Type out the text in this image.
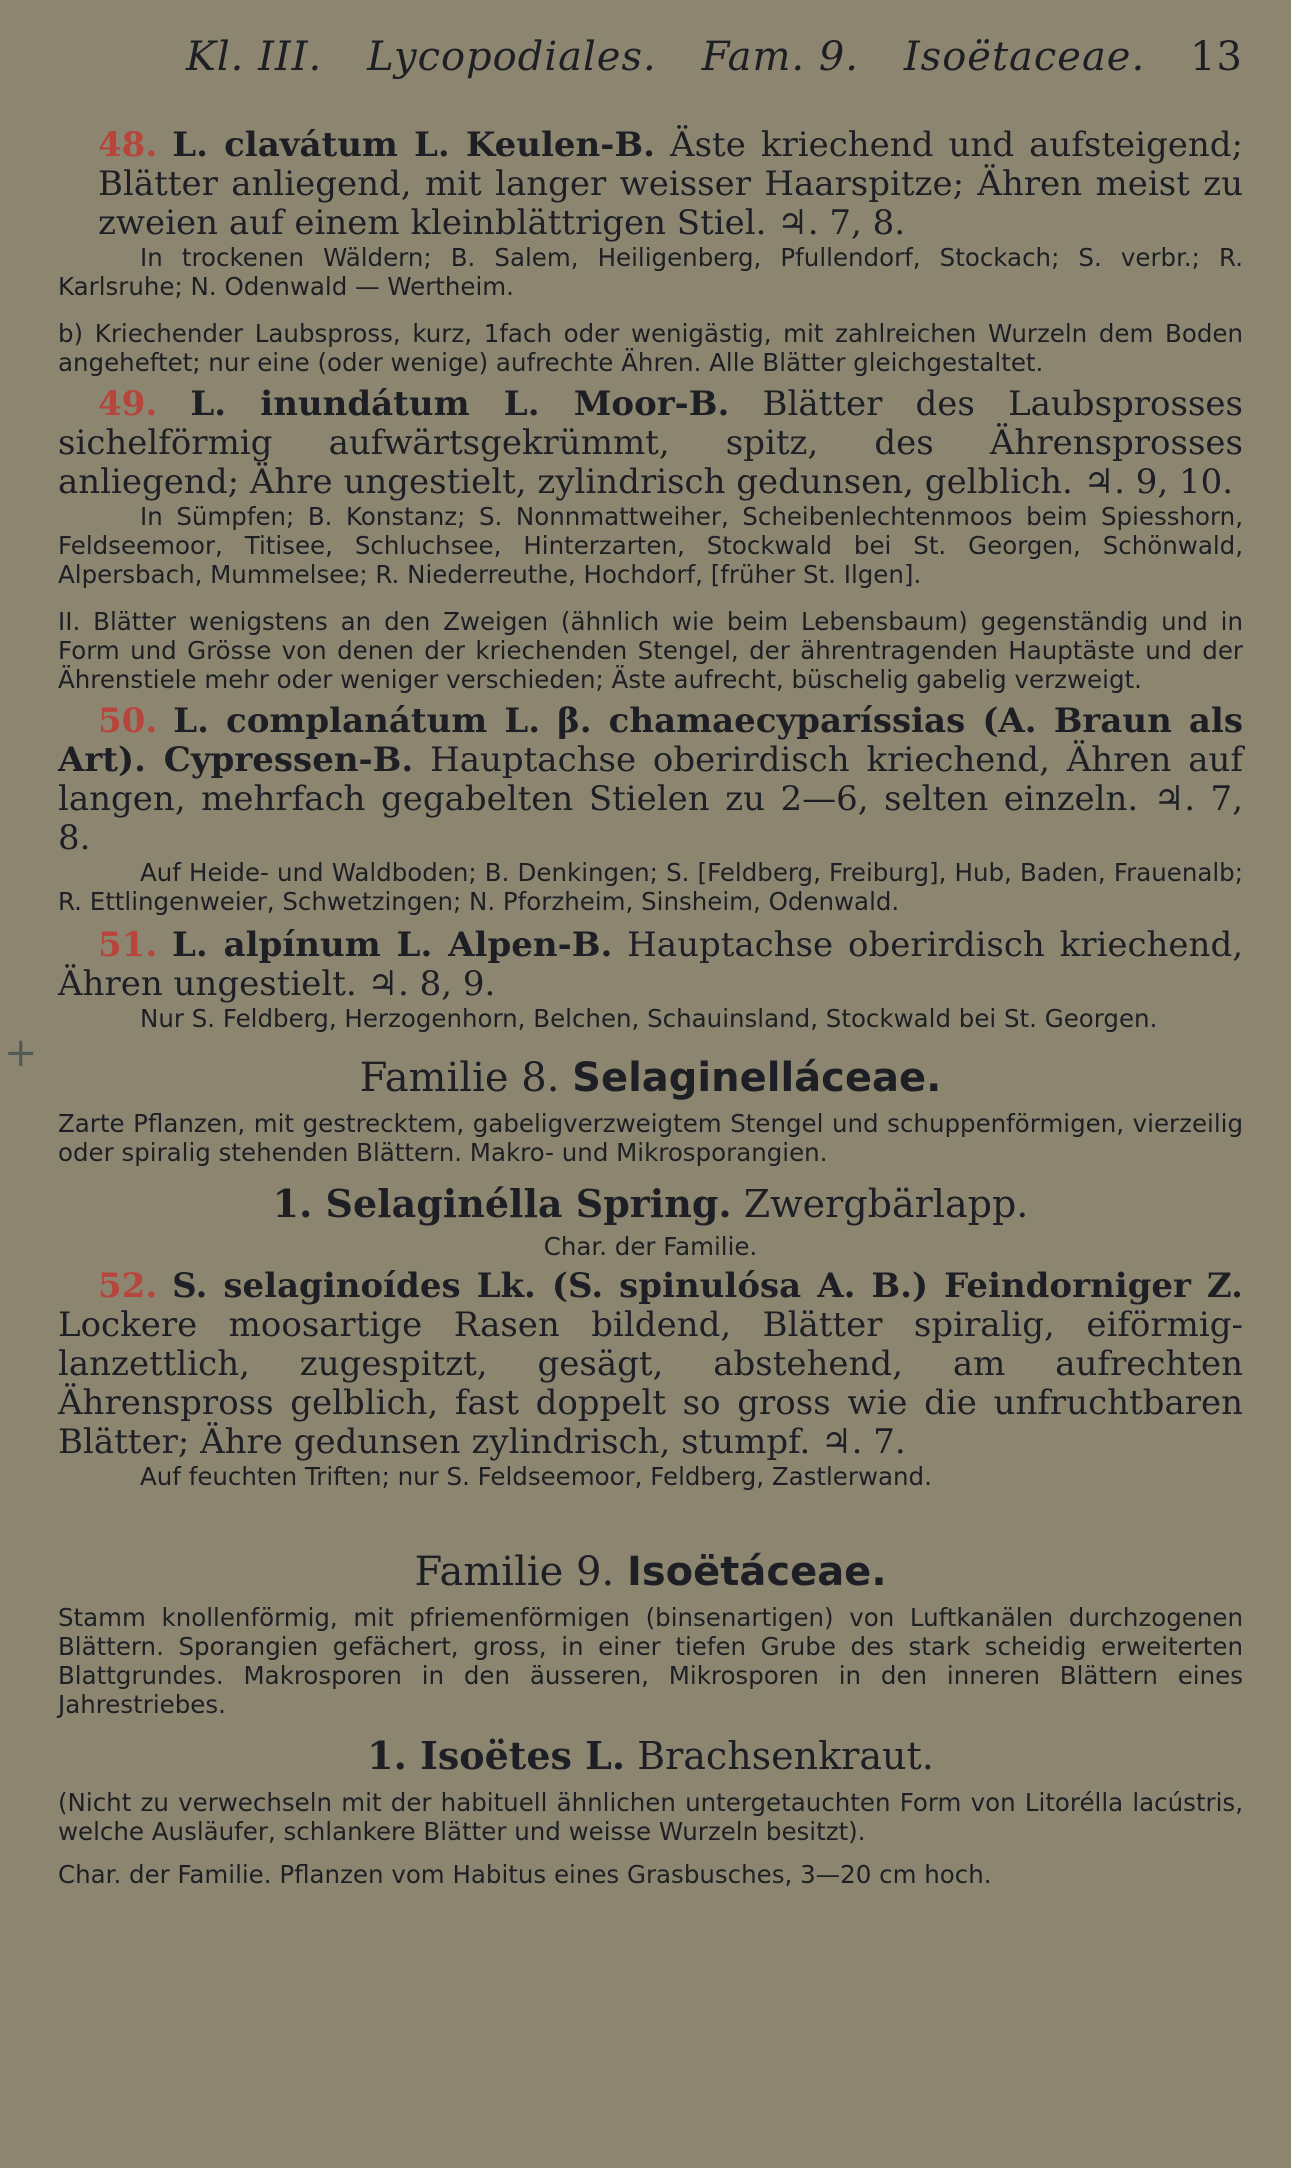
+
Kl. III. Lycopodiales. Fam. 9. Isoëtaceae. 13

48. L. clavátum L. Keulen-B. Äste kriechend und aufsteigend; Blätter anliegend, mit langer weisser Haarspitze; Ähren meist zu zweien auf einem kleinblättrigen Stiel. ♃. 7, 8.

In trockenen Wäldern; B. Salem, Heiligenberg, Pfullendorf, Stockach; S. verbr.; R. Karlsruhe; N. Odenwald — Wertheim.

b) Kriechender Laubspross, kurz, 1fach oder wenigästig, mit zahlreichen Wurzeln dem Boden angeheftet; nur eine (oder wenige) aufrechte Ähren. Alle Blätter gleichgestaltet.

49. L. inundátum L. Moor-B. Blätter des Laubsprosses sichelförmig aufwärtsgekrümmt, spitz, des Ährensprosses anliegend; Ähre ungestielt, zylindrisch gedunsen, gelblich. ♃. 9, 10.

In Sümpfen; B. Konstanz; S. Nonnmattweiher, Scheibenlechtenmoos beim Spiesshorn, Feldseemoor, Titisee, Schluchsee, Hinterzarten, Stockwald bei St. Georgen, Schönwald, Alpersbach, Mummelsee; R. Niederreuthe, Hochdorf, [früher St. Ilgen].

II. Blätter wenigstens an den Zweigen (ähnlich wie beim Lebensbaum) gegenständig und in Form und Grösse von denen der kriechenden Stengel, der ährentragenden Hauptäste und der Ährenstiele mehr oder weniger verschieden; Äste aufrecht, büschelig gabelig verzweigt.

50. L. complanátum L. β. chamaecyparíssias (A. Braun als Art). Cypressen-B. Hauptachse oberirdisch kriechend, Ähren auf langen, mehrfach gegabelten Stielen zu 2—6, selten einzeln. ♃. 7, 8.

Auf Heide- und Waldboden; B. Denkingen; S. [Feldberg, Freiburg], Hub, Baden, Frauenalb; R. Ettlingenweier, Schwetzingen; N. Pforzheim, Sinsheim, Odenwald.

51. L. alpínum L. Alpen-B. Hauptachse oberirdisch kriechend, Ähren ungestielt. ♃. 8, 9.

Nur S. Feldberg, Herzogenhorn, Belchen, Schauinsland, Stockwald bei St. Georgen.

Familie 8. Selaginelláceae.

Zarte Pflanzen, mit gestrecktem, gabeligverzweigtem Stengel und schuppenförmigen, vierzeilig oder spiralig stehenden Blättern. Makro- und Mikrosporangien.

1. Selaginélla Spring. Zwergbärlapp.

Char. der Familie.

52. S. selaginoídes Lk. (S. spinulósa A. B.) Feindorniger Z. Lockere moosartige Rasen bildend, Blätter spiralig, eiförmig-lanzettlich, zugespitzt, gesägt, abstehend, am aufrechten Ährenspross gelblich, fast doppelt so gross wie die unfruchtbaren Blätter; Ähre gedunsen zylindrisch, stumpf. ♃. 7.

Auf feuchten Triften; nur S. Feldseemoor, Feldberg, Zastlerwand.

Familie 9. Isoëtáceae.

Stamm knollenförmig, mit pfriemenförmigen (binsenartigen) von Luftkanälen durchzogenen Blättern. Sporangien gefächert, gross, in einer tiefen Grube des stark scheidig erweiterten Blattgrundes. Makrosporen in den äusseren, Mikrosporen in den inneren Blättern eines Jahrestriebes.

1. Isoëtes L. Brachsenkraut.

(Nicht zu verwechseln mit der habituell ähnlichen untergetauchten Form von Litorélla lacústris, welche Ausläufer, schlankere Blätter und weisse Wurzeln besitzt).

Char. der Familie. Pflanzen vom Habitus eines Grasbusches, 3—20 cm hoch.
